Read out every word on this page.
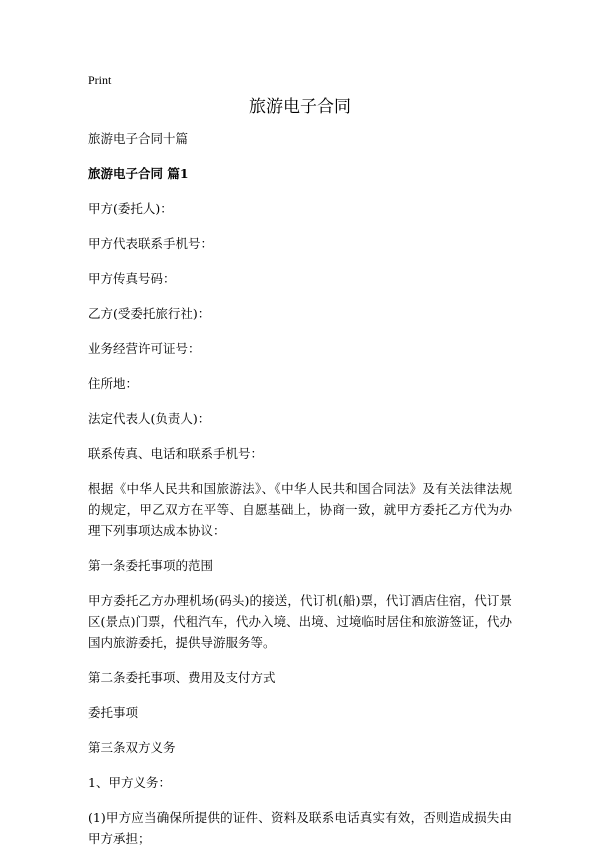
Print
旅游电子合同

旅游电子合同十篇

旅游电子合同 篇1

甲方(委托人)：

甲方代表联系手机号：

甲方传真号码：

乙方(受委托旅行社)：

业务经营许可证号：

住所地：

法定代表人(负责人)：

联系传真、电话和联系手机号：

根据《中华人民共和国旅游法》、《中华人民共和国合同法》及有关法律法规的规定，甲乙双方在平等、自愿基础上，协商一致，就甲方委托乙方代为办理下列事项达成本协议：

第一条委托事项的范围

甲方委托乙方办理机场(码头)的接送，代订机(船)票，代订酒店住宿，代订景区(景点)门票，代租汽车，代办入境、出境、过境临时居住和旅游签证，代办国内旅游委托，提供导游服务等。

第二条委托事项、费用及支付方式

委托事项

第三条双方义务

1、甲方义务：

(1)甲方应当确保所提供的证件、资料及联系电话真实有效，否则造成损失由甲方承担；
